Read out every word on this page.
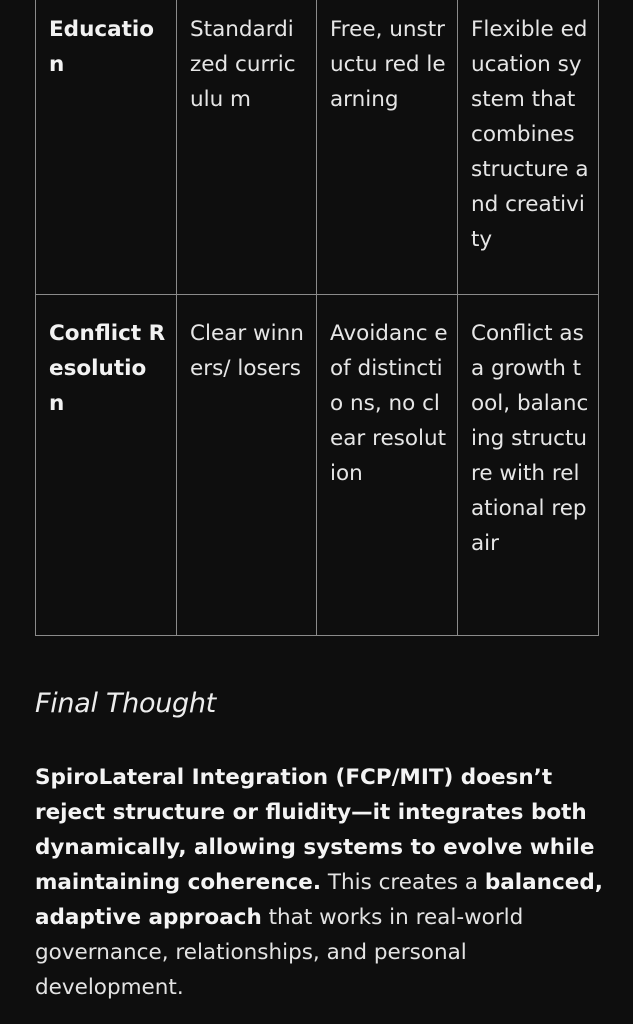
Educatio n	Standardi zed curriculu m	Free, unstructu red learning	Flexible education system that combines structure and creativity
Conflict Resolutio n	Clear winners/ losers	Avoidanc e of distinctio ns, no clear resolution	Conflict as a growth tool, balancing structure with relational repair
Final Thought

SpiroLateral Integration (FCP/MIT) doesn’t reject structure or fluidity—it integrates both dynamically, allowing systems to evolve while maintaining coherence. This creates a balanced, adaptive approach that works in real-world governance, relationships, and personal development.
